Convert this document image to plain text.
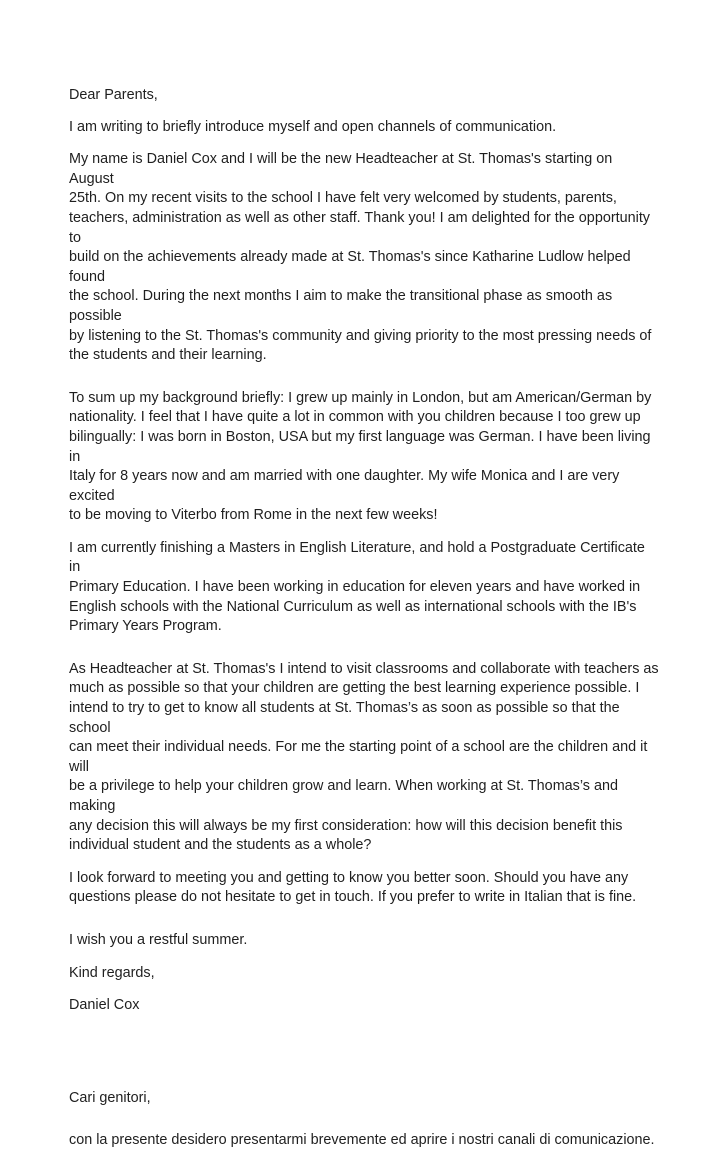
Dear Parents,

I am writing to briefly introduce myself and open channels of communication.

My name is Daniel Cox and I will be the new Headteacher at St. Thomas's starting on August
25th. On my recent visits to the school I have felt very welcomed by students, parents,
teachers, administration as well as other staff. Thank you! I am delighted for the opportunity to
build on the achievements already made at St. Thomas's since Katharine Ludlow helped found
the school. During the next months I aim to make the transitional phase as smooth as possible
by listening to the St. Thomas's community and giving priority to the most pressing needs of
the students and their learning.

To sum up my background briefly: I grew up mainly in London, but am American/German by
nationality. I feel that I have quite a lot in common with you children because I too grew up
bilingually: I was born in Boston, USA but my first language was German. I have been living in
Italy for 8 years now and am married with one daughter. My wife Monica and I are very excited
to be moving to Viterbo from Rome in the next few weeks!

I am currently finishing a Masters in English Literature, and hold a Postgraduate Certificate in
Primary Education. I have been working in education for eleven years and have worked in
English schools with the National Curriculum as well as international schools with the IB's
Primary Years Program.

As Headteacher at St. Thomas's I intend to visit classrooms and collaborate with teachers as
much as possible so that your children are getting the best learning experience possible. I
intend to try to get to know all students at St. Thomas’s as soon as possible so that the school
can meet their individual needs. For me the starting point of a school are the children and it will
be a privilege to help your children grow and learn. When working at St. Thomas’s and making
any decision this will always be my first consideration: how will this decision benefit this
individual student and the students as a whole?

I look forward to meeting you and getting to know you better soon. Should you have any
questions please do not hesitate to get in touch. If you prefer to write in Italian that is fine.

I wish you a restful summer.

Kind regards,

Daniel Cox

Cari genitori,

con la presente desidero presentarmi brevemente ed aprire i nostri canali di comunicazione.
